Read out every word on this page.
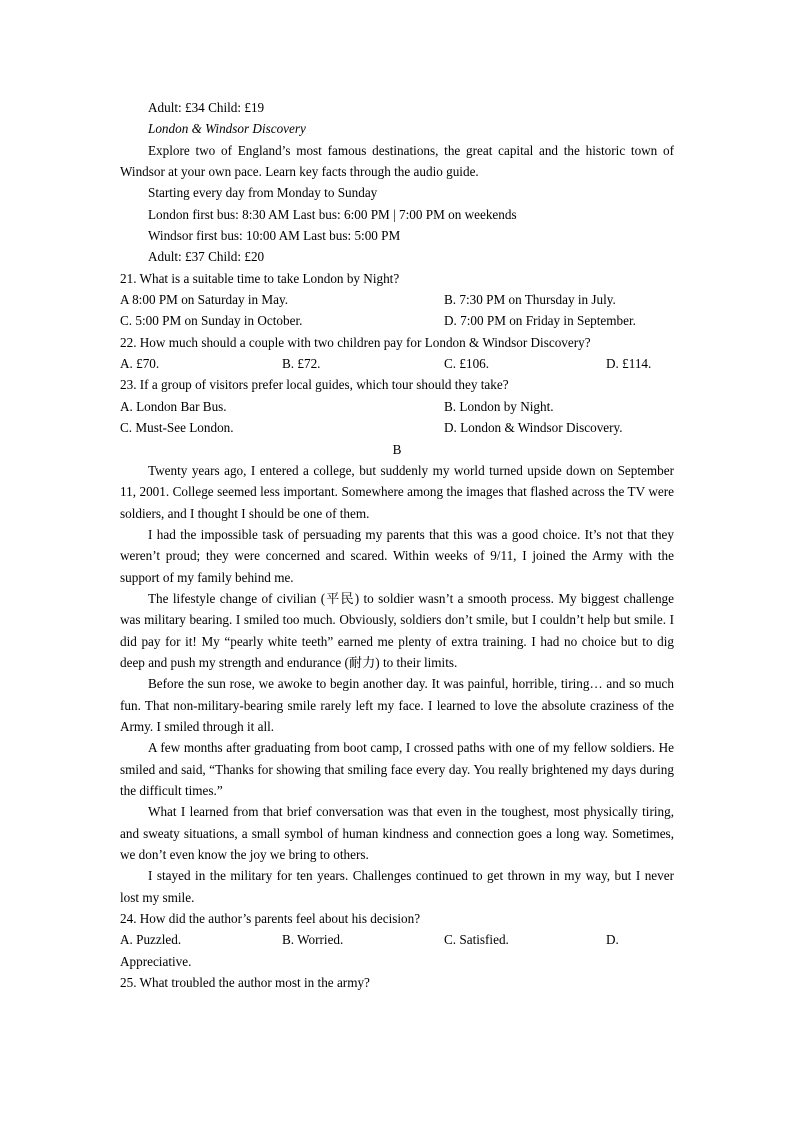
Adult: £34 Child: £19
London & Windsor Discovery
Explore two of England’s most famous destinations, the great capital and the historic town of Windsor at your own pace. Learn key facts through the audio guide.
Starting every day from Monday to Sunday
London first bus: 8:30 AM Last bus: 6:00 PM | 7:00 PM on weekends
Windsor first bus: 10:00 AM Last bus: 5:00 PM
Adult: £37 Child: £20
21. What is a suitable time to take London by Night?
A 8:00 PM on Saturday in May.	B. 7:30 PM on Thursday in July.
C. 5:00 PM on Sunday in October.	D. 7:00 PM on Friday in September.
22. How much should a couple with two children pay for London & Windsor Discovery?
A. £70.	B. £72.	C. £106.	D. £114.
23. If a group of visitors prefer local guides, which tour should they take?
A. London Bar Bus.	B. London by Night.
C. Must-See London.	D. London & Windsor Discovery.
B
Twenty years ago, I entered a college, but suddenly my world turned upside down on September 11, 2001. College seemed less important. Somewhere among the images that flashed across the TV were soldiers, and I thought I should be one of them.
I had the impossible task of persuading my parents that this was a good choice. It’s not that they weren’t proud; they were concerned and scared. Within weeks of 9/11, I joined the Army with the support of my family behind me.
The lifestyle change of civilian (平民) to soldier wasn’t a smooth process. My biggest challenge was military bearing. I smiled too much. Obviously, soldiers don’t smile, but I couldn’t help but smile. I did pay for it! My “pearly white teeth” earned me plenty of extra training. I had no choice but to dig deep and push my strength and endurance (耐力) to their limits.
Before the sun rose, we awoke to begin another day. It was painful, horrible, tiring… and so much fun. That non-military-bearing smile rarely left my face. I learned to love the absolute craziness of the Army. I smiled through it all.
A few months after graduating from boot camp, I crossed paths with one of my fellow soldiers. He smiled and said, “Thanks for showing that smiling face every day. You really brightened my days during the difficult times.”
What I learned from that brief conversation was that even in the toughest, most physically tiring, and sweaty situations, a small symbol of human kindness and connection goes a long way. Sometimes, we don’t even know the joy we bring to others.
I stayed in the military for ten years. Challenges continued to get thrown in my way, but I never lost my smile.
24. How did the author’s parents feel about his decision?
A. Puzzled.	B. Worried.	C. Satisfied.	D.
Appreciative.
25. What troubled the author most in the army?
